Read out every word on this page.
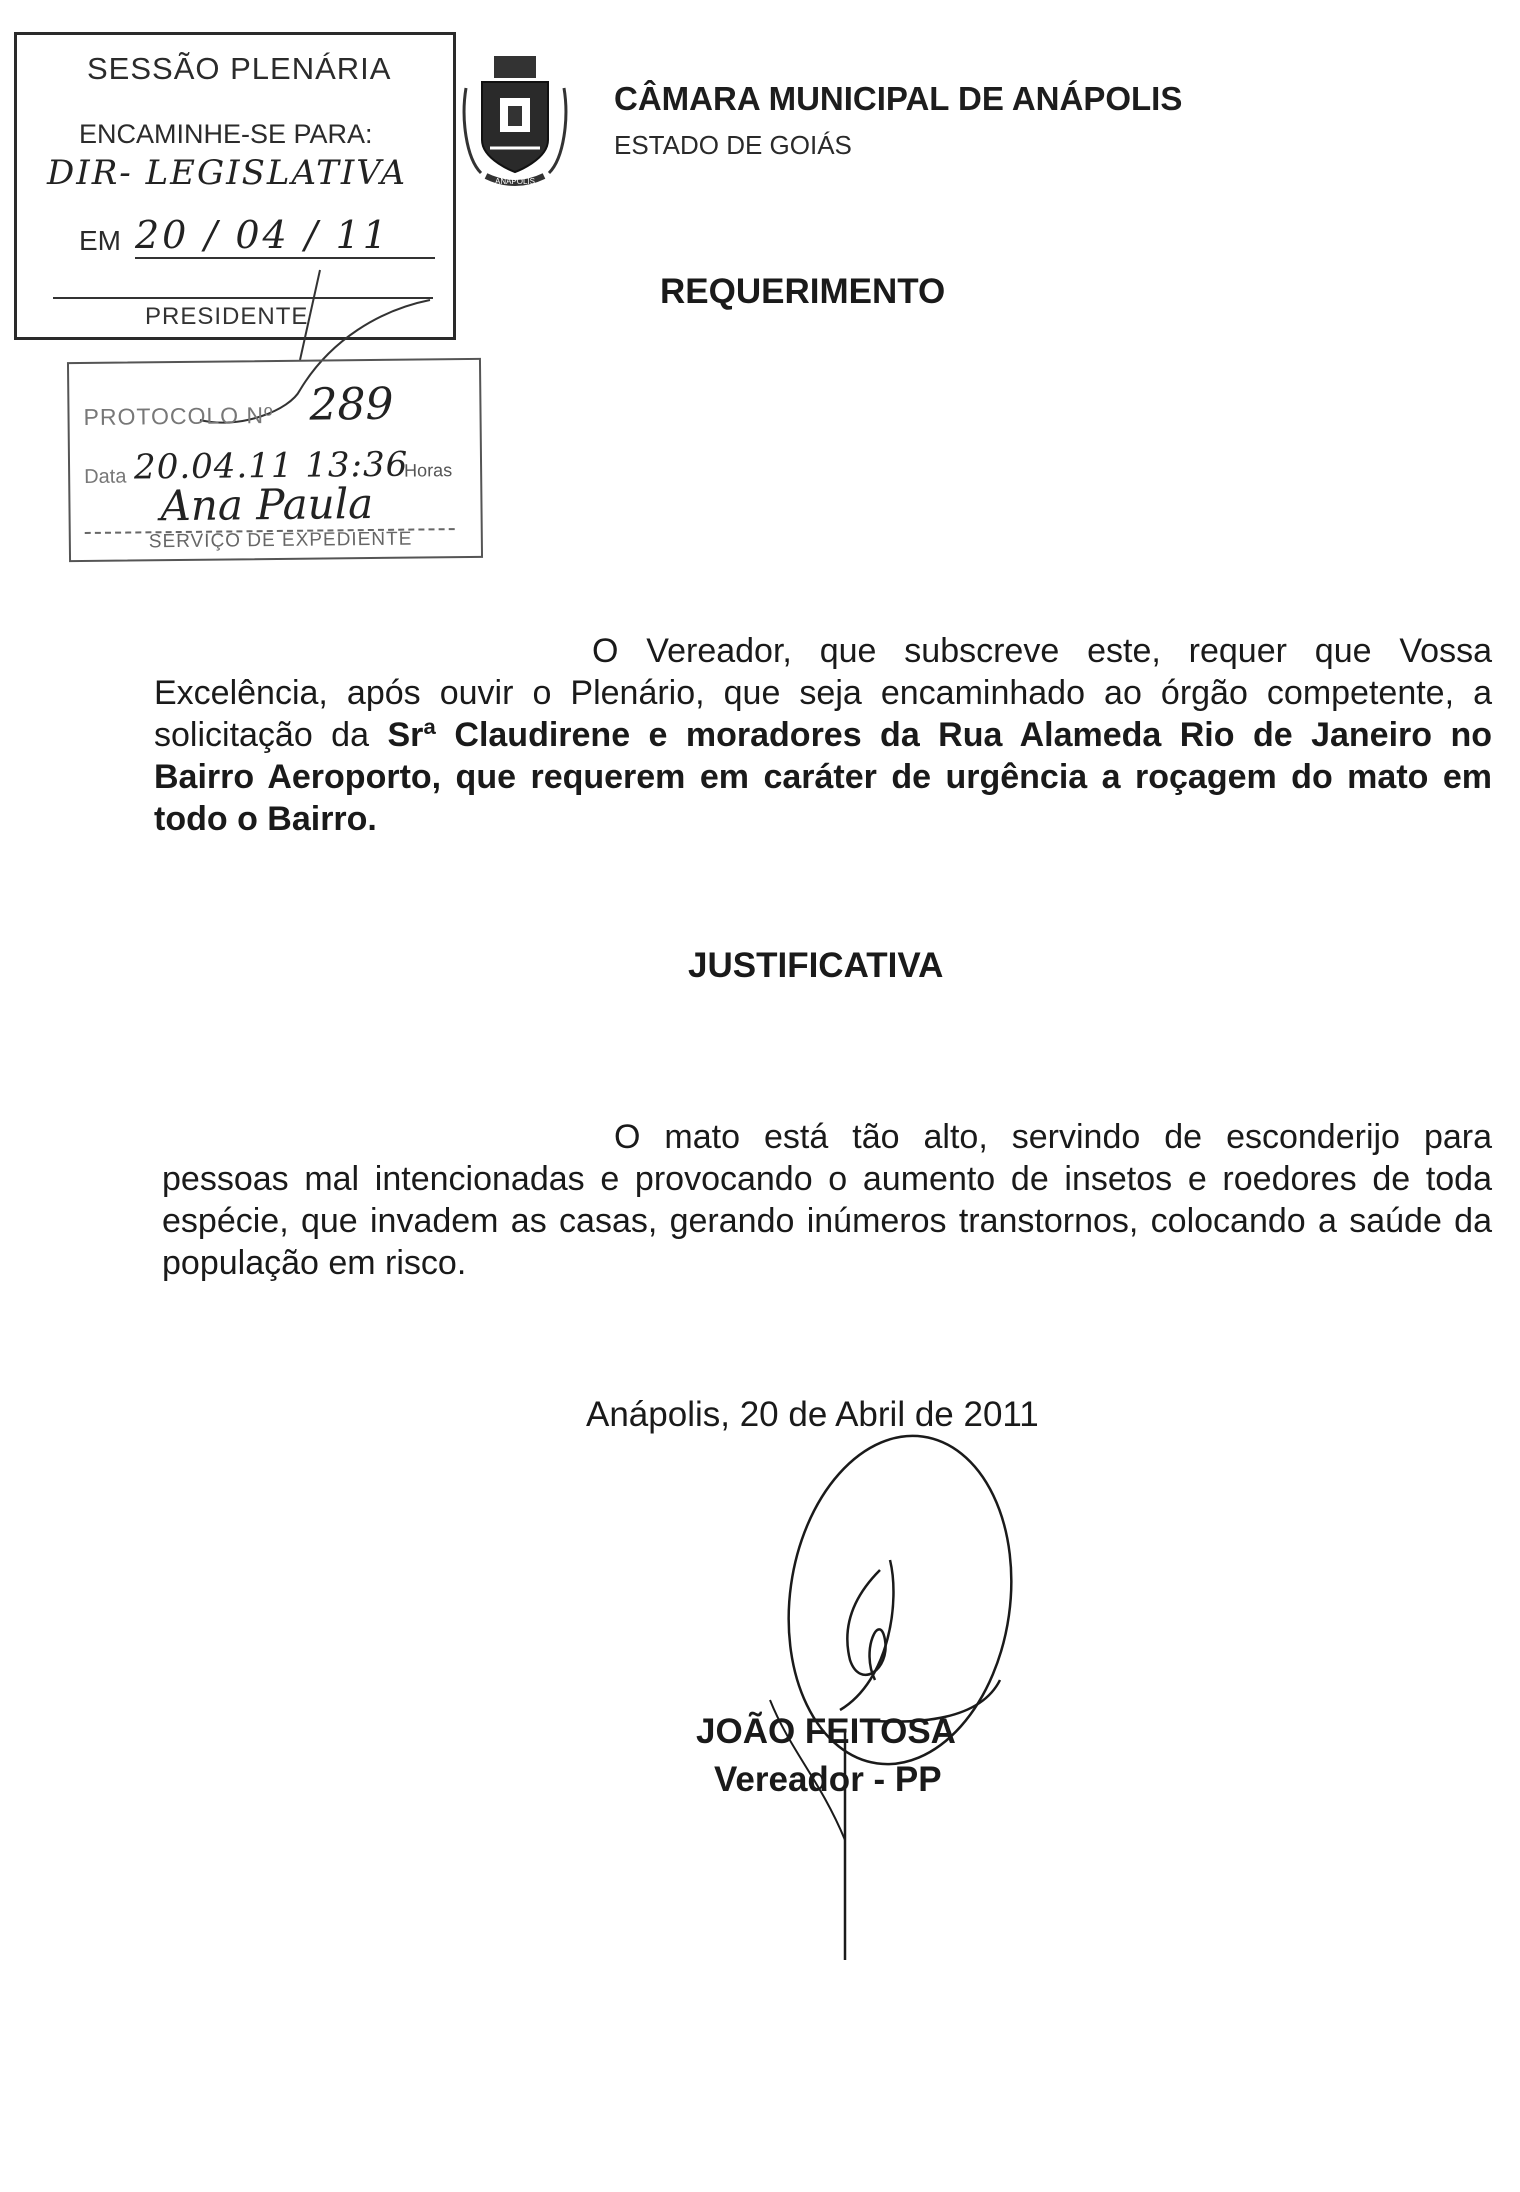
SESSÃO PLENÁRIA
ENCAMINHE-SE PARA:
DIR- LEGISLATIVA
EM 20 / 04 / 11
PRESIDENTE
PROTOCOLO Nº 289
Data 20.04.11 13:36
Horas
Ana Paula
SERVIÇO DE EXPEDIENTE
ANÁPOLIS
CÂMARA MUNICIPAL DE ANÁPOLIS
ESTADO DE GOIÁS
REQUERIMENTO
O Vereador, que subscreve este, requer que Vossa Excelência, após ouvir o Plenário, que seja encaminhado ao órgão competente, a solicitação da Srª Claudirene e moradores da Rua Alameda Rio de Janeiro no Bairro Aeroporto, que requerem em caráter de urgência a roçagem do mato em todo o Bairro.
JUSTIFICATIVA
O mato está tão alto, servindo de esconderijo para pessoas mal intencionadas e provocando o aumento de insetos e roedores de toda espécie, que invadem as casas, gerando inúmeros transtornos, colocando a saúde da população em risco.
Anápolis, 20 de Abril de 2011
JOÃO FEITOSA
Vereador - PP
